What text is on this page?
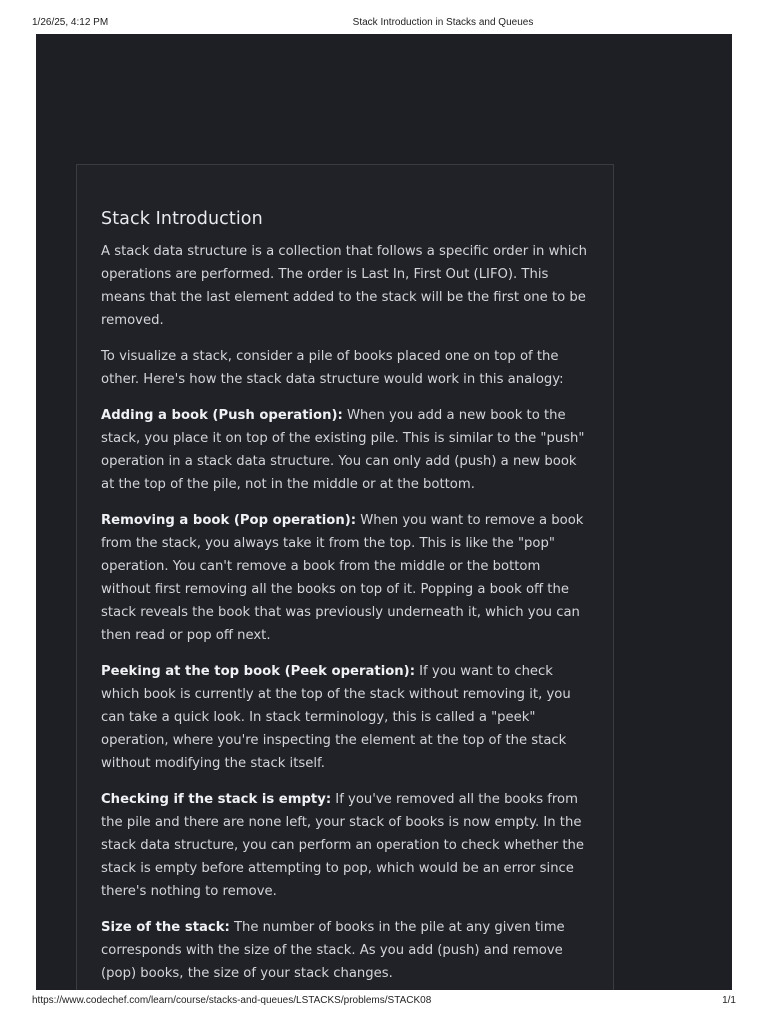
1/26/25, 4:12 PM	Stack Introduction in Stacks and Queues
Stack Introduction

A stack data structure is a collection that follows a specific order in which operations are performed. The order is Last In, First Out (LIFO). This means that the last element added to the stack will be the first one to be removed.

To visualize a stack, consider a pile of books placed one on top of the other. Here's how the stack data structure would work in this analogy:

Adding a book (Push operation): When you add a new book to the stack, you place it on top of the existing pile. This is similar to the "push" operation in a stack data structure. You can only add (push) a new book at the top of the pile, not in the middle or at the bottom.

Removing a book (Pop operation): When you want to remove a book from the stack, you always take it from the top. This is like the "pop" operation. You can't remove a book from the middle or the bottom without first removing all the books on top of it. Popping a book off the stack reveals the book that was previously underneath it, which you can then read or pop off next.

Peeking at the top book (Peek operation): If you want to check which book is currently at the top of the stack without removing it, you can take a quick look. In stack terminology, this is called a "peek" operation, where you're inspecting the element at the top of the stack without modifying the stack itself.

Checking if the stack is empty: If you've removed all the books from the pile and there are none left, your stack of books is now empty. In the stack data structure, you can perform an operation to check whether the stack is empty before attempting to pop, which would be an error since there's nothing to remove.

Size of the stack: The number of books in the pile at any given time corresponds with the size of the stack. As you add (push) and remove (pop) books, the size of your stack changes.

https://www.codechef.com/learn/course/stacks-and-queues/LSTACKS/problems/STACK08	1/1
